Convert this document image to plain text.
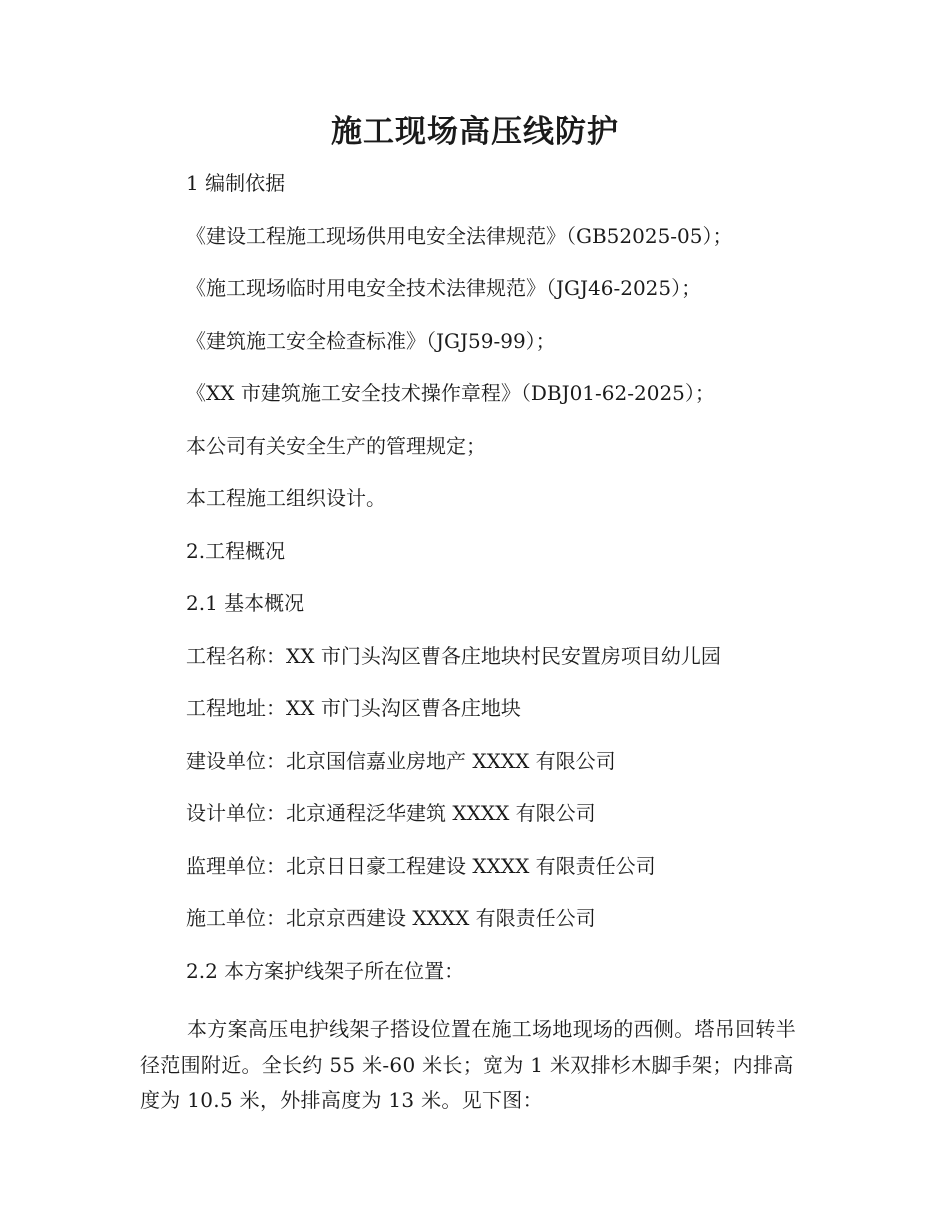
施工现场高压线防护
1 编制依据
《建设工程施工现场供用电安全法律规范》（GB52025-05）；
《施工现场临时用电安全技术法律规范》（JGJ46-2025）；
《建筑施工安全检查标准》（JGJ59-99）；
《XX 市建筑施工安全技术操作章程》（DBJ01-62-2025）；
本公司有关安全生产的管理规定；
本工程施工组织设计。
2.工程概况
2.1 基本概况
工程名称：XX 市门头沟区曹各庄地块村民安置房项目幼儿园
工程地址：XX 市门头沟区曹各庄地块
建设单位：北京国信嘉业房地产 XXXX 有限公司
设计单位：北京通程泛华建筑 XXXX 有限公司
监理单位：北京日日豪工程建设 XXXX 有限责任公司
施工单位：北京京西建设 XXXX 有限责任公司
2.2 本方案护线架子所在位置：
本方案高压电护线架子搭设位置在施工场地现场的西侧。塔吊回转半径范围附近。全长约 55 米-60 米长；宽为 1 米双排杉木脚手架；内排高度为 10.5 米，外排高度为 13 米。见下图：
